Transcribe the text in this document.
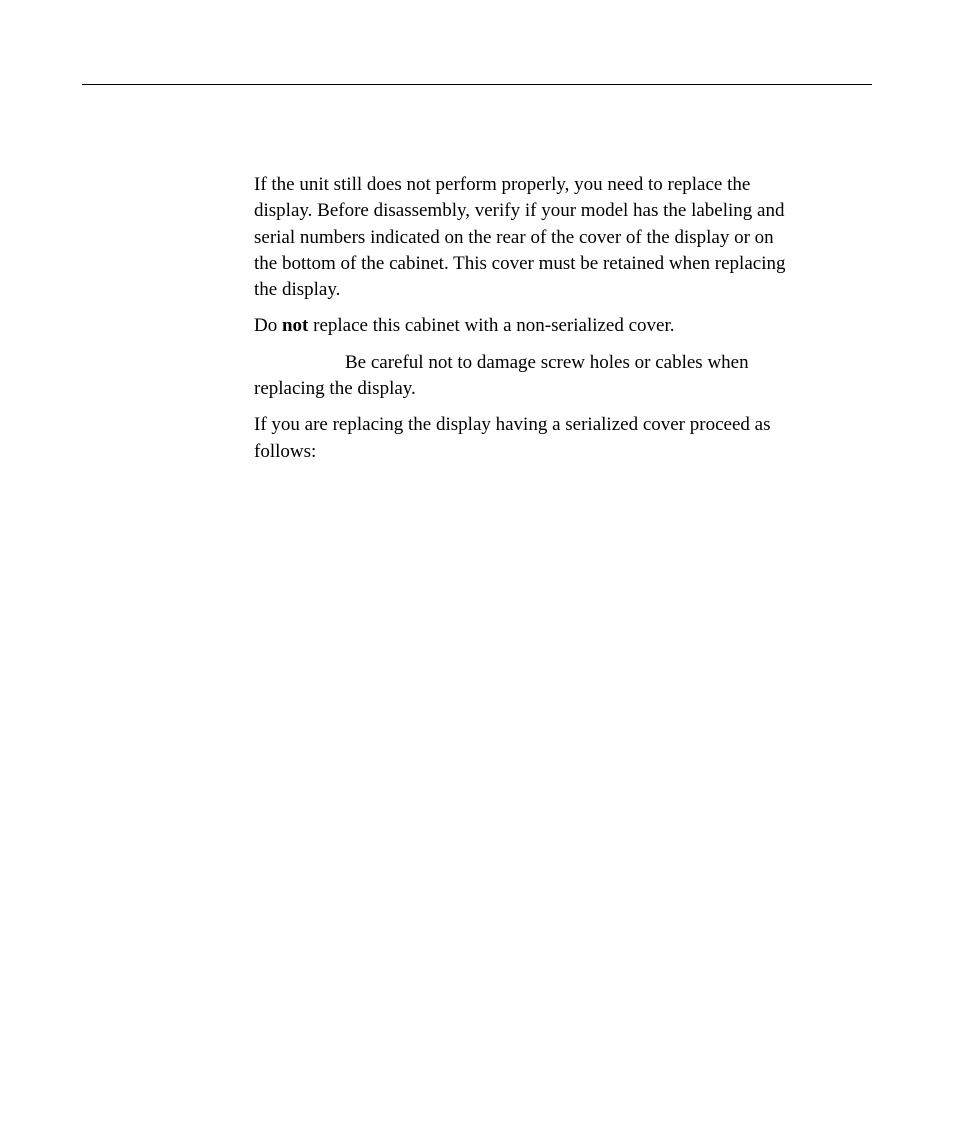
If the unit still does not perform properly, you need to replace the
display. Before disassembly, verify if your model has the labeling and
serial numbers indicated on the rear of the cover of the display or on
the bottom of the cabinet. This cover must be retained when replacing
the display.

Do not replace this cabinet with a non-serialized cover.

Be careful not to damage screw holes or cables when
replacing the display.

If you are replacing the display having a serialized cover proceed as
follows:
